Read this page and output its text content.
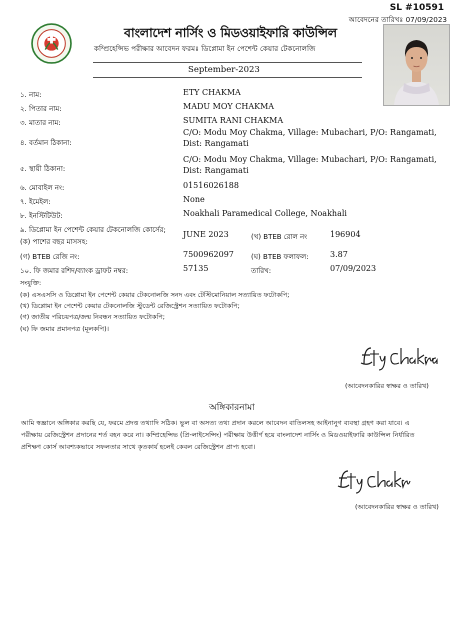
SL #10591
আবেদনের তারিখঃ 07/09/2023
বাংলাদেশ নার্সিং ও মিডওয়াইফারি কাউন্সিল
কম্প্রিহেন্সিভ পরীক্ষার আবেদন ফরমঃ ডিপ্লোমা ইন পেশেন্ট কেয়ার টেকনোলজি
September-2023
১. নাম:	ETY CHAKMA
২. পিতার নাম:	MADU MOY CHAKMA
৩. মাতার নাম:	SUMITA RANI CHAKMA
৪. বর্তমান ঠিকানা:
C/O: Modu Moy Chakma, Village: Mubachari, P/O: Rangamati, Dist: Rangamati
৫. স্থায়ী ঠিকানা:
C/O: Modu Moy Chakma, Village: Mubachari, P/O: Rangamati, Dist: Rangamati
৬. মোবাইল নং:	01516026188
৭. ইমেইল:	None
৮. ইনস্টিটিউট:	Noakhali Paramedical College, Noakhali
৯. ডিপ্লোমা ইন পেশেন্ট কেয়ার টেকনোলজি কোর্সের;
(ক) পাশের বছর মাসসহ:
JUNE 2023	(খ) BTEB রোল নং	196904
(গ) BTEB রেজি নং:	7500962097 (ঘ) BTEB ফলাফল:	3.87
১০. ফি জমার রশিদ/ব্যাংক ড্রাফট নম্বর:	57135	তারিখ:	07/09/2023
সংযুক্তি:
(ক) এসএসসি ও ডিপ্লোমা ইন পেশেন্ট কেয়ার টেকনোলজি সনদ এবং টেস্টিমোনিয়াল সত্যায়িত ফটোকপি;
(খ) ডিপ্লোমা ইন পেশেন্ট কেয়ার টেকনোলজি স্টুডেন্ট রেজিস্ট্রেশন সত্যায়িত ফটোকপি;
(গ) জাতীয় পরিচয়পত্র/জন্ম নিবন্ধন সত্যায়িত ফটোকপি;
(ঘ) ফি জমার প্রমানপত্র (মূলকপি)।
(আবেদনকারির স্বাক্ষর ও তারিখ)
অঙ্গিকারনামা
আমি স্বজ্ঞানে অঙ্গিকার করছি যে, ফরমে প্রদত্ত তথ্যাদি সঠিক। ভুল বা অসত্য তথ্য প্রদান করলে আবেদন বাতিলসহ আইনানুগ ব্যবস্থা গ্রহণ করা যাবে। এ
পরীক্ষায় রেজিস্ট্রেশন প্রদানের শর্ত বহন করে না। কম্প্রিহেন্সিভ (প্রি-লাইসেন্সিং) পরীক্ষায় উত্তীর্ণ হয়ে বাংলাদেশ নার্সিং ও মিডওয়াইফারি কাউন্সিল নির্ধারিত
প্রশিক্ষণ কোর্স আবশ্যকভাবে সফলতার সাথে কৃতকার্য হলেই কেবল রেজিস্ট্রেশন প্রাপ্য হবো।
(আবেদনকারির স্বাক্ষর ও তারিখ)
